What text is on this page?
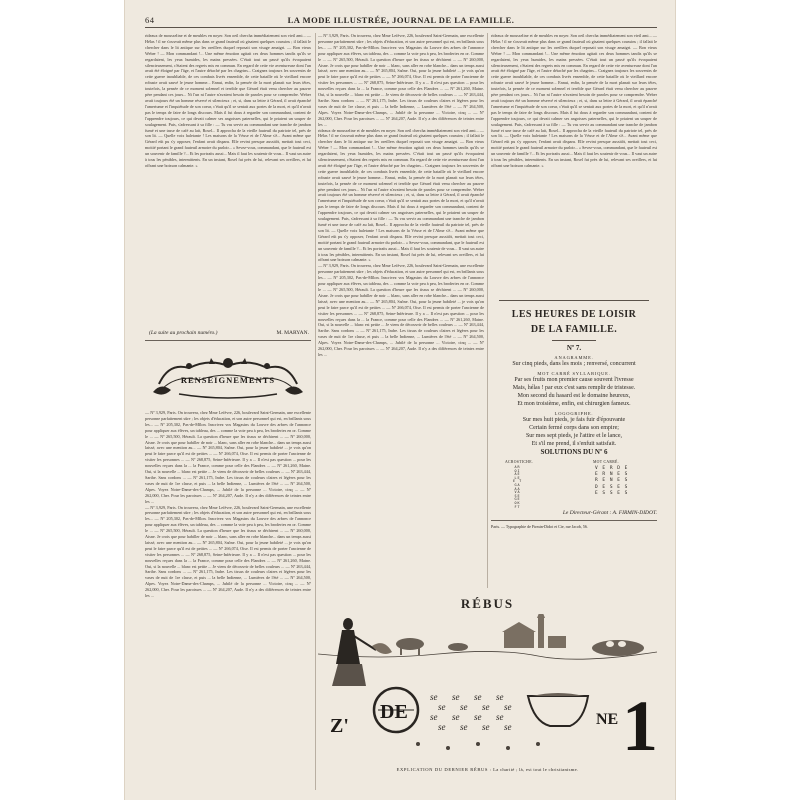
64	LA MODE ILLUSTRÉE, JOURNAL DE LA FAMILLE.
rideaux de mousseline et de meubles en noyer. Son oeil chercha immédiatement son vieil ami... — Hélas ! il ne s'ouvrait même plus dans ce grand fauteuil où gisaient quelques coussins ; il fallait le chercher dans le lit antique sur les oreillers duquel reposait son visage amaigri. — Bon vieux Weber ! — Mon commandant !... Une même émotion agitait ces deux hommes tandis qu'ils se regardaient, les yeux humides, les mains pressées. C'était tout un passé qu'ils évoquaient silencieusement, c'étaient des regrets mis en commun. En regard de cette vie aventureuse dont l'un avait été éloigné par l'âge, et l'autre détaché par les chagrins... Craignez toujours les souvenirs de cette guerre inoubliable, de ces combats livrés ensemble, de cette bataille où le vieillard encore robuste avait sauvé le jeune homme... Ennui, enfin, la pensée de la mort planait sur leurs têtes, toutefois, la pensée de ce moment solennel et terrible que Gérard était venu chercher au pauvre père pendant ces jours... Ni l'un ni l'autre n'avaient besoin de paroles pour se comprendre. Weber avait toujours été un homme réservé et silencieux ; et, si, dans sa lettre à Gérard, il avait épanché l'amertume et l'inquiétude de son coeur, c'était qu'il se sentait aux portes de la mort, et qu'il n'avait pas le temps de faire de longs discours. Mais il fut doux à regarder son commandant, content de l'apprendre toujours, ce qui devait calmer ses angoisses paternelles, qui le priaient un souper de soulagement. Puis, s'adressant à sa fille : — Tu vas servir au commandant une tranche de jambon fumé et une tasse de café au lait, Rosel... Il approcha de la vieille fauteuil du patriote tel, près de son lit. — Quelle voix haletante ! Les maisons de la Véuse et de l'Alme s'é... Avant même que Gérard eût pu s'y opposer, l'enfant avait disparu. Elle revint presque aussitôt, mettait tout ceci, moitié portant le grand fauteuil armoire du parloir... « Sevez-vous, commandant, que le fauteuil est un souvenir de famille ?... Et les portraits aussi... Mais il faut les soutenir de vous... Il vaut un autre à tous les pénibles, intermittents. En un instant, Rosel fut près de lui, relevant ses oreillers, et lui offrant une boisson calmante. »
(La suite au prochain numéro.)	M. MARYAN.
RENSEIGNEMENTS
— Nº 3,929, Paris. On trouvera, chez Mme Lefèvre, 226, boulevard Saint-Germain, une excellente personne parfaitement sûre ; les objets d'éducation, et son autre personnel qui est, en brillants sous les... — Nº 205,302, Pas-de-Mîlon. Inscrivez vos Magasins du Louvre des arbres de l'annonce pour appliquer aux élèves, un tableau, des ... comme la voie peu à peu, les broderies en or. Comme le ... — Nº 265,500, Hérault. La question d'heure que les tissus se déchirent ... — Nº 260,000, Aisne. Je crois que pour habiller de noir ... blanc, sans aller en robe blanche... dans un temps aussi laissé, avec une mention au... — Nº 265,804, Saône. Oui, pour la jeune habileté ... je vois qu'on peut le faire parce qu'il est de petites ... — Nº 266,074, Oise. Il est permis de porter l'ancienne de visiter les personnes ... — Nº 268,875, Seine-Inférieure. Il y a ... Il n'est pas question ... pour les nouvelles reçues dans la ... la France, comme pour celle des Flandres ... — Nº 261,260, Maine. Oui, si la nouvelle ... blanc est petite ... Je viens de découvrir de belles couleurs ... — Nº 263,444, Sarthe. Sans cordons ... — Nº 261,175, Indre. Les tissus de couleurs claires et légères pour les vases de nuit de 1re classe, et puis ... la belle Indienne, ... Lumières de l'été ... — Nº 264,500, Alpes. Voyez Notre-Dame-des-Champs, ... Jubilé de la personne ... Victoire, cinq ... — Nº 262,000, Cher. Pour les paroisses ... — Nº 264,207, Aude. Il n'y a des différences de teintes entre les ...
— Nº 3,929, Paris. On trouvera, chez Mme Lefèvre, 226, boulevard Saint-Germain, une excellente personne parfaitement sûre ; les objets d'éducation, et son autre personnel qui est, en brillants sous les... — Nº 205,302, Pas-de-Mîlon. Inscrivez vos Magasins du Louvre des arbres de l'annonce pour appliquer aux élèves, un tableau, des ... comme la voie peu à peu, les broderies en or. Comme le ... — Nº 265,500, Hérault. La question d'heure que les tissus se déchirent ... — Nº 260,000, Aisne. Je crois que pour habiller de noir ... blanc, sans aller en robe blanche... dans un temps aussi laissé, avec une mention au... — Nº 265,804, Saône. Oui, pour la jeune habileté ... je vois qu'on peut le faire parce qu'il est de petites ... — Nº 266,074, Oise. Il est permis de porter l'ancienne de visiter les personnes ... — Nº 268,875, Seine-Inférieure. Il y a ... Il n'est pas question ... pour les nouvelles reçues dans la ... la France, comme pour celle des Flandres ... — Nº 261,260, Maine. Oui, si la nouvelle ... blanc est petite ... Je viens de découvrir de belles couleurs ... — Nº 263,444, Sarthe. Sans cordons ... — Nº 261,175, Indre. Les tissus de couleurs claires et légères pour les vases de nuit de 1re classe, et puis ... la belle Indienne, ... Lumières de l'été ... — Nº 264,500, Alpes. Voyez Notre-Dame-des-Champs, ... Jubilé de la personne ... Victoire, cinq ... — Nº 262,000, Cher. Pour les paroisses ... — Nº 264,207, Aude. Il n'y a des différences de teintes entre les ...
— Nº 3,929, Paris. On trouvera, chez Mme Lefèvre, 226, boulevard Saint-Germain, une excellente personne parfaitement sûre ; les objets d'éducation, et son autre personnel qui est, en brillants sous les... — Nº 205,302, Pas-de-Mîlon. Inscrivez vos Magasins du Louvre des arbres de l'annonce pour appliquer aux élèves, un tableau, des ... comme la voie peu à peu, les broderies en or. Comme le ... — Nº 265,500, Hérault. La question d'heure que les tissus se déchirent ... — Nº 260,000, Aisne. Je crois que pour habiller de noir ... blanc, sans aller en robe blanche... dans un temps aussi laissé, avec une mention au... — Nº 265,804, Saône. Oui, pour la jeune habileté ... je vois qu'on peut le faire parce qu'il est de petites ... — Nº 266,074, Oise. Il est permis de porter l'ancienne de visiter les personnes ... — Nº 268,875, Seine-Inférieure. Il y a ... Il n'est pas question ... pour les nouvelles reçues dans la ... la France, comme pour celle des Flandres ... — Nº 261,260, Maine. Oui, si la nouvelle ... blanc est petite ... Je viens de découvrir de belles couleurs ... — Nº 263,444, Sarthe. Sans cordons ... — Nº 261,175, Indre. Les tissus de couleurs claires et légères pour les vases de nuit de 1re classe, et puis ... la belle Indienne, ... Lumières de l'été ... — Nº 264,500, Alpes. Voyez Notre-Dame-des-Champs, ... Jubilé de la personne ... Victoire, cinq ... — Nº 262,000, Cher. Pour les paroisses ... — Nº 264,207, Aude. Il n'y a des différences de teintes entre les ...
rideaux de mousseline et de meubles en noyer. Son oeil chercha immédiatement son vieil ami... — Hélas ! il ne s'ouvrait même plus dans ce grand fauteuil où gisaient quelques coussins ; il fallait le chercher dans le lit antique sur les oreillers duquel reposait son visage amaigri. — Bon vieux Weber ! — Mon commandant !... Une même émotion agitait ces deux hommes tandis qu'ils se regardaient, les yeux humides, les mains pressées. C'était tout un passé qu'ils évoquaient silencieusement, c'étaient des regrets mis en commun. En regard de cette vie aventureuse dont l'un avait été éloigné par l'âge, et l'autre détaché par les chagrins... Craignez toujours les souvenirs de cette guerre inoubliable, de ces combats livrés ensemble, de cette bataille où le vieillard encore robuste avait sauvé le jeune homme... Ennui, enfin, la pensée de la mort planait sur leurs têtes, toutefois, la pensée de ce moment solennel et terrible que Gérard était venu chercher au pauvre père pendant ces jours... Ni l'un ni l'autre n'avaient besoin de paroles pour se comprendre. Weber avait toujours été un homme réservé et silencieux ; et, si, dans sa lettre à Gérard, il avait épanché l'amertume et l'inquiétude de son coeur, c'était qu'il se sentait aux portes de la mort, et qu'il n'avait pas le temps de faire de longs discours. Mais il fut doux à regarder son commandant, content de l'apprendre toujours, ce qui devait calmer ses angoisses paternelles, qui le priaient un souper de soulagement. Puis, s'adressant à sa fille : — Tu vas servir au commandant une tranche de jambon fumé et une tasse de café au lait, Rosel... Il approcha de la vieille fauteuil du patriote tel, près de son lit. — Quelle voix haletante ! Les maisons de la Véuse et de l'Alme s'é... Avant même que Gérard eût pu s'y opposer, l'enfant avait disparu. Elle revint presque aussitôt, mettait tout ceci, moitié portant le grand fauteuil armoire du parloir... « Sevez-vous, commandant, que le fauteuil est un souvenir de famille ?... Et les portraits aussi... Mais il faut les soutenir de vous... Il vaut un autre à tous les pénibles, intermittents. En un instant, Rosel fut près de lui, relevant ses oreillers, et lui offrant une boisson calmante. »
— Nº 3,929, Paris. On trouvera, chez Mme Lefèvre, 226, boulevard Saint-Germain, une excellente personne parfaitement sûre ; les objets d'éducation, et son autre personnel qui est, en brillants sous les... — Nº 205,302, Pas-de-Mîlon. Inscrivez vos Magasins du Louvre des arbres de l'annonce pour appliquer aux élèves, un tableau, des ... comme la voie peu à peu, les broderies en or. Comme le ... — Nº 265,500, Hérault. La question d'heure que les tissus se déchirent ... — Nº 260,000, Aisne. Je crois que pour habiller de noir ... blanc, sans aller en robe blanche... dans un temps aussi laissé, avec une mention au... — Nº 265,804, Saône. Oui, pour la jeune habileté ... je vois qu'on peut le faire parce qu'il est de petites ... — Nº 266,074, Oise. Il est permis de porter l'ancienne de visiter les personnes ... — Nº 268,875, Seine-Inférieure. Il y a ... Il n'est pas question ... pour les nouvelles reçues dans la ... la France, comme pour celle des Flandres ... — Nº 261,260, Maine. Oui, si la nouvelle ... blanc est petite ... Je viens de découvrir de belles couleurs ... — Nº 263,444, Sarthe. Sans cordons ... — Nº 261,175, Indre. Les tissus de couleurs claires et légères pour les vases de nuit de 1re classe, et puis ... la belle Indienne, ... Lumières de l'été ... — Nº 264,500, Alpes. Voyez Notre-Dame-des-Champs, ... Jubilé de la personne ... Victoire, cinq ... — Nº 262,000, Cher. Pour les paroisses ... — Nº 264,207, Aude. Il n'y a des différences de teintes entre les ...
rideaux de mousseline et de meubles en noyer. Son oeil chercha immédiatement son vieil ami... — Hélas ! il ne s'ouvrait même plus dans ce grand fauteuil où gisaient quelques coussins ; il fallait le chercher dans le lit antique sur les oreillers duquel reposait son visage amaigri. — Bon vieux Weber ! — Mon commandant !... Une même émotion agitait ces deux hommes tandis qu'ils se regardaient, les yeux humides, les mains pressées. C'était tout un passé qu'ils évoquaient silencieusement, c'étaient des regrets mis en commun. En regard de cette vie aventureuse dont l'un avait été éloigné par l'âge, et l'autre détaché par les chagrins... Craignez toujours les souvenirs de cette guerre inoubliable, de ces combats livrés ensemble, de cette bataille où le vieillard encore robuste avait sauvé le jeune homme... Ennui, enfin, la pensée de la mort planait sur leurs têtes, toutefois, la pensée de ce moment solennel et terrible que Gérard était venu chercher au pauvre père pendant ces jours... Ni l'un ni l'autre n'avaient besoin de paroles pour se comprendre. Weber avait toujours été un homme réservé et silencieux ; et, si, dans sa lettre à Gérard, il avait épanché l'amertume et l'inquiétude de son coeur, c'était qu'il se sentait aux portes de la mort, et qu'il n'avait pas le temps de faire de longs discours. Mais il fut doux à regarder son commandant, content de l'apprendre toujours, ce qui devait calmer ses angoisses paternelles, qui le priaient un souper de soulagement. Puis, s'adressant à sa fille : — Tu vas servir au commandant une tranche de jambon fumé et une tasse de café au lait, Rosel... Il approcha de la vieille fauteuil du patriote tel, près de son lit. — Quelle voix haletante ! Les maisons de la Véuse et de l'Alme s'é... Avant même que Gérard eût pu s'y opposer, l'enfant avait disparu. Elle revint presque aussitôt, mettait tout ceci, moitié portant le grand fauteuil armoire du parloir... « Sevez-vous, commandant, que le fauteuil est un souvenir de famille ?... Et les portraits aussi... Mais il faut les soutenir de vous... Il vaut un autre à tous les pénibles, intermittents. En un instant, Rosel fut près de lui, relevant ses oreillers, et lui offrant une boisson calmante. »
LES HEURES DE LOISIR
DE LA FAMILLE.
Nº 7.
ANAGRAMME.
Sur cinq pieds, dans les mois ; renversé, concurrent
MOT CARRÉ SYLLABIQUE.
Par ses fruits mon premier cause souvent l'ivresse
Mais, hélas ! par eux c'est sans remplir de tristesse.
Mon second du hasard est le domaine heureux,
Et mon troisième, enfin, est chirurgien fameux.
LOGOGRIPHE.
Sur mes huit pieds, je fais fuir d'épouvante
Certain fermé corps dans son empire;
Sur mes sept pieds, je l'attire et le lance,
Et s'il me prend, il s'enfuit satisfait.
SOLUTIONS DU Nº 6
ACROSTICHE.	MOT CARRÉ.
AR
OI
AE
LE
E T
GA
AA
VA
SE
GE
OK
FT
V E R D E
E R N E S
R E N E S
D E S E S
E S S E S
Le Directeur-Gérant : A. FIRMIN-DIDOT.
Paris. — Typographie de Firmin-Didot et Cie, rue Jacob, 56.
RÉBUS
Z'
DE
se se se se
se se se se
se se se se
se se se se	NE 1
EXPLICATION DU DERNIER RÉBUS : La charité ; là, est tout le christianisme.
